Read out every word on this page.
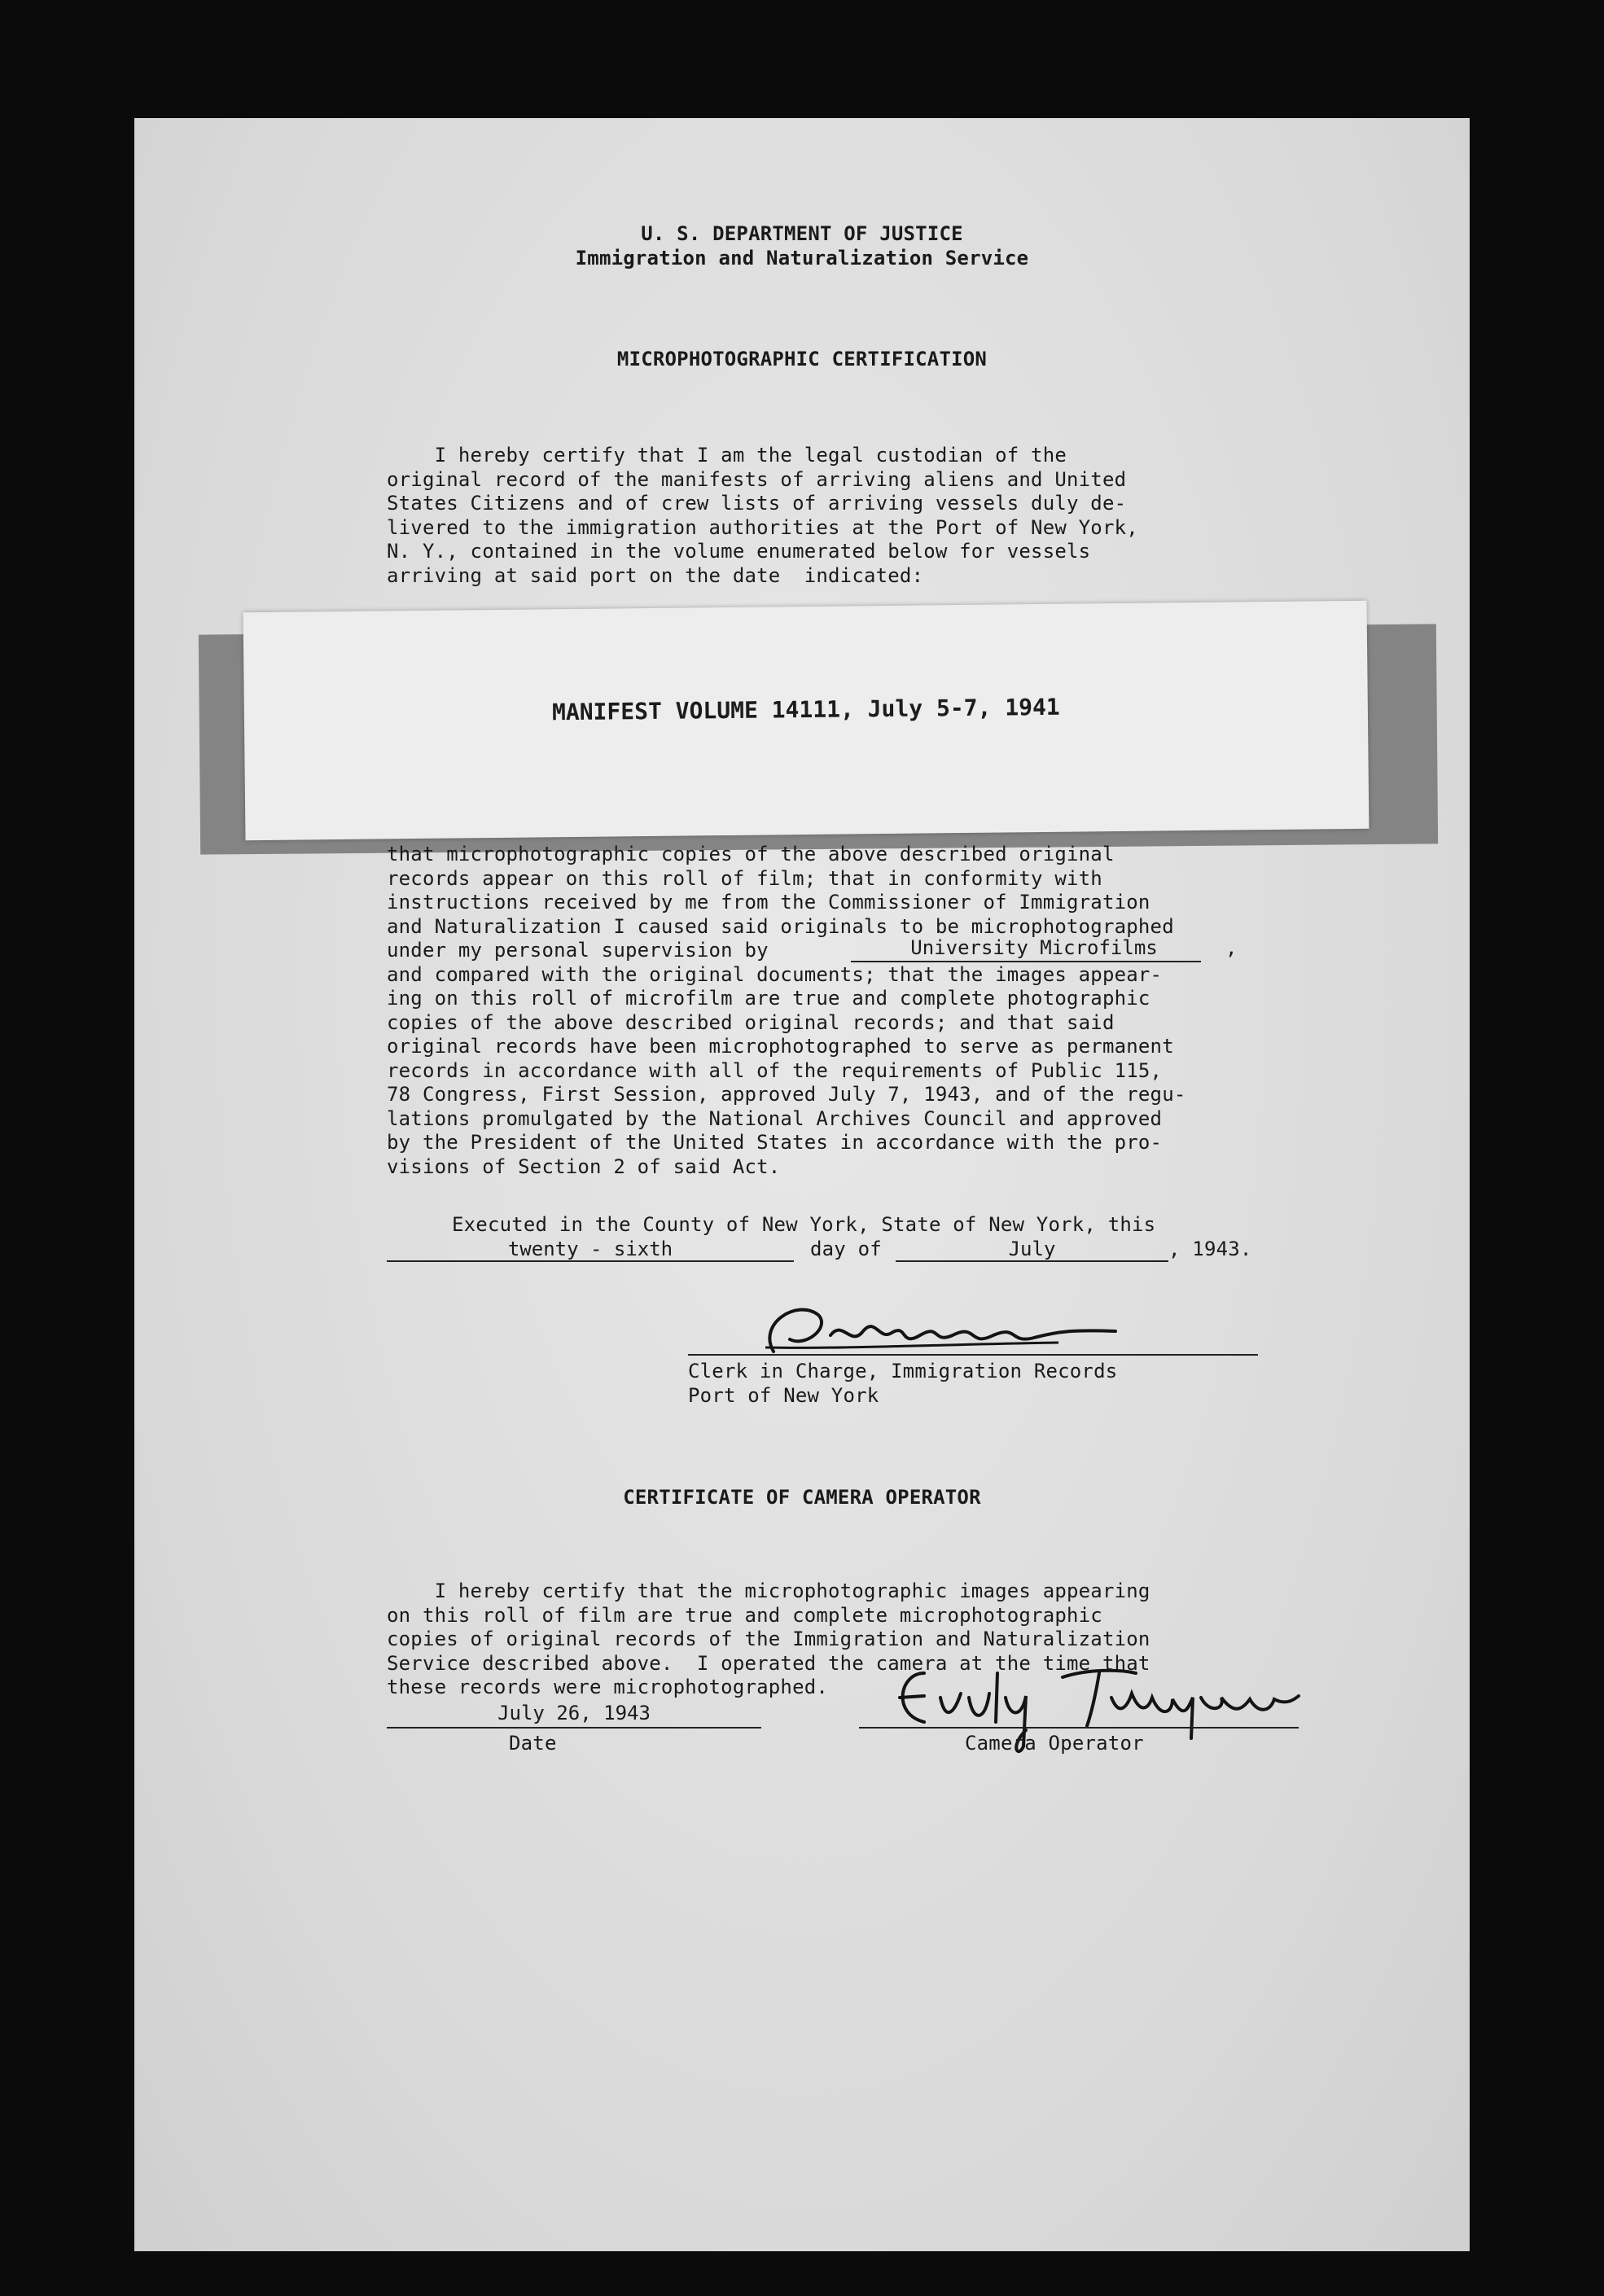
U. S. DEPARTMENT OF JUSTICE
Immigration and Naturalization Service
MICROPHOTOGRAPHIC CERTIFICATION
I hereby certify that I am the legal custodian of the
original record of the manifests of arriving aliens and United
States Citizens and of crew lists of arriving vessels duly de-
livered to the immigration authorities at the Port of New York,
N. Y., contained in the volume enumerated below for vessels
arriving at said port on the date  indicated:
MANIFEST VOLUME 14111, July 5-7, 1941
that microphotographic copies of the above described original
records appear on this roll of film; that in conformity with
instructions received by me from the Commissioner of Immigration
and Naturalization I caused said originals to be microphotographed
under my personal supervision by
and compared with the original documents; that the images appear-
ing on this roll of microfilm are true and complete photographic
copies of the above described original records; and that said
original records have been microphotographed to serve as permanent
records in accordance with all of the requirements of Public 115,
78 Congress, First Session, approved July 7, 1943, and of the regu-
lations promulgated by the National Archives Council and approved
by the President of the United States in accordance with the pro-
visions of Section 2 of said Act.
University Microfilms	,
Executed in the County of New York, State of New York, this
twenty - sixth	day of	July	, 1943.
Clerk in Charge, Immigration Records
Port of New York
CERTIFICATE OF CAMERA OPERATOR
I hereby certify that the microphotographic images appearing
on this roll of film are true and complete microphotographic
copies of original records of the Immigration and Naturalization
Service described above.  I operated the camera at the time that
these records were microphotographed.
July 26, 1943
Date	Camera Operator
